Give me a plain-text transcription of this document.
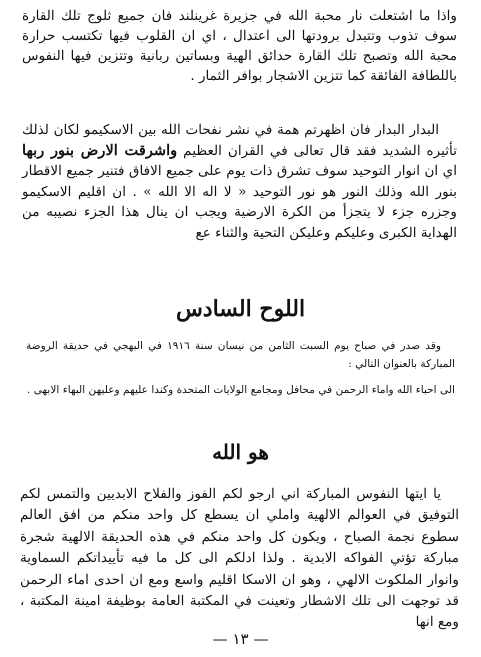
واذا ما اشتعلت نار محبة الله في جزيرة غرينلند فان جميع ثلوج تلك القارة سوف تذوب وتتبدل برودتها الى اعتدال ، اي ان القلوب فيها تكتسب حرارة محبة الله وتصبح تلك القارة حدائق الهية وبساتين ربانية وتتزين فيها النفوس باللطافة الفائقة كما تتزين الاشجار بوافر الثمار .

البدار البدار فان اظهرتم همة في نشر نفحات الله بين الاسكيمو لكان لذلك تأثيره الشديد فقد قال تعالى في القران العظيم واشرقت الارض بنور ربها اي ان انوار التوحيد سوف تشرق ذات يوم على جميع الافاق فتنير جميع الاقطار بنور الله وذلك النور هو نور التوحيد « لا اله الا الله » . ان اقليم الاسكيمو وجزره جزء لا يتجزأ من الكرة الارضية ويجب ان ينال هذا الجزء نصيبه من الهداية الكبرى وعليكم وعليكن التحية والثناء عع

اللوح السادس

وقد صدر في صباح يوم السبت الثامن من نيسان سنة ١٩١٦ في البهجي في حديقة الروضة المباركة بالعنوان التالي :

الى احباء الله واماء الرحمن في محافل ومجامع الولايات المتحدة وكندا عليهم وعليهن البهاء الابهى .

هو الله

يا ايتها النفوس المباركة اني ارجو لكم الفوز والفلاح الابديين والتمس لكم التوفيق في العوالم الالهية واملي ان يسطع كل واحد منكم من افق العالم سطوع نجمة الصباح ، ويكون كل واحد منكم في هذه الحديقة الالهية شجرة مباركة تؤتي الفواكه الابدية . ولذا ادلكم الى كل ما فيه تأييداتكم السماوية وانوار الملكوت الالهي ، وهو ان الاسكا اقليم واسع ومع ان احدى اماء الرحمن قد توجهت الى تلك الاشطار وتعينت في المكتبة العامة بوظيفة امينة المكتبة ، ومع انها

— ١٣ —
